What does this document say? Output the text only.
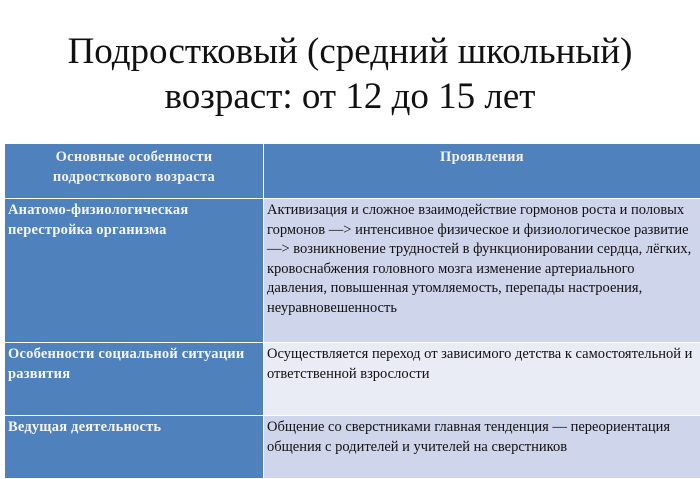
Подростковый (средний школьный)
возраст: от 12 до 15 лет
Основные особенности подросткового возраста	Проявления
Анатомо-физиологическая перестройка организма	Активизация и сложное взаимодействие гормонов роста и половых гормонов —> интенсивное физическое и физиологическое развитие —> возникновение трудностей в функционировании сердца, лёгких, кровоснабжения головного мозга изменение артериального давления, повышенная утомляемость, перепады настроения, неуравновешенность
Особенности социальной ситуации развития	Осуществляется переход от зависимого детства к самостоятельной и ответственной взрослости
Ведущая деятельность	Общение со сверстниками главная тенденция — переориентация общения с родителей и учителей на сверстников
